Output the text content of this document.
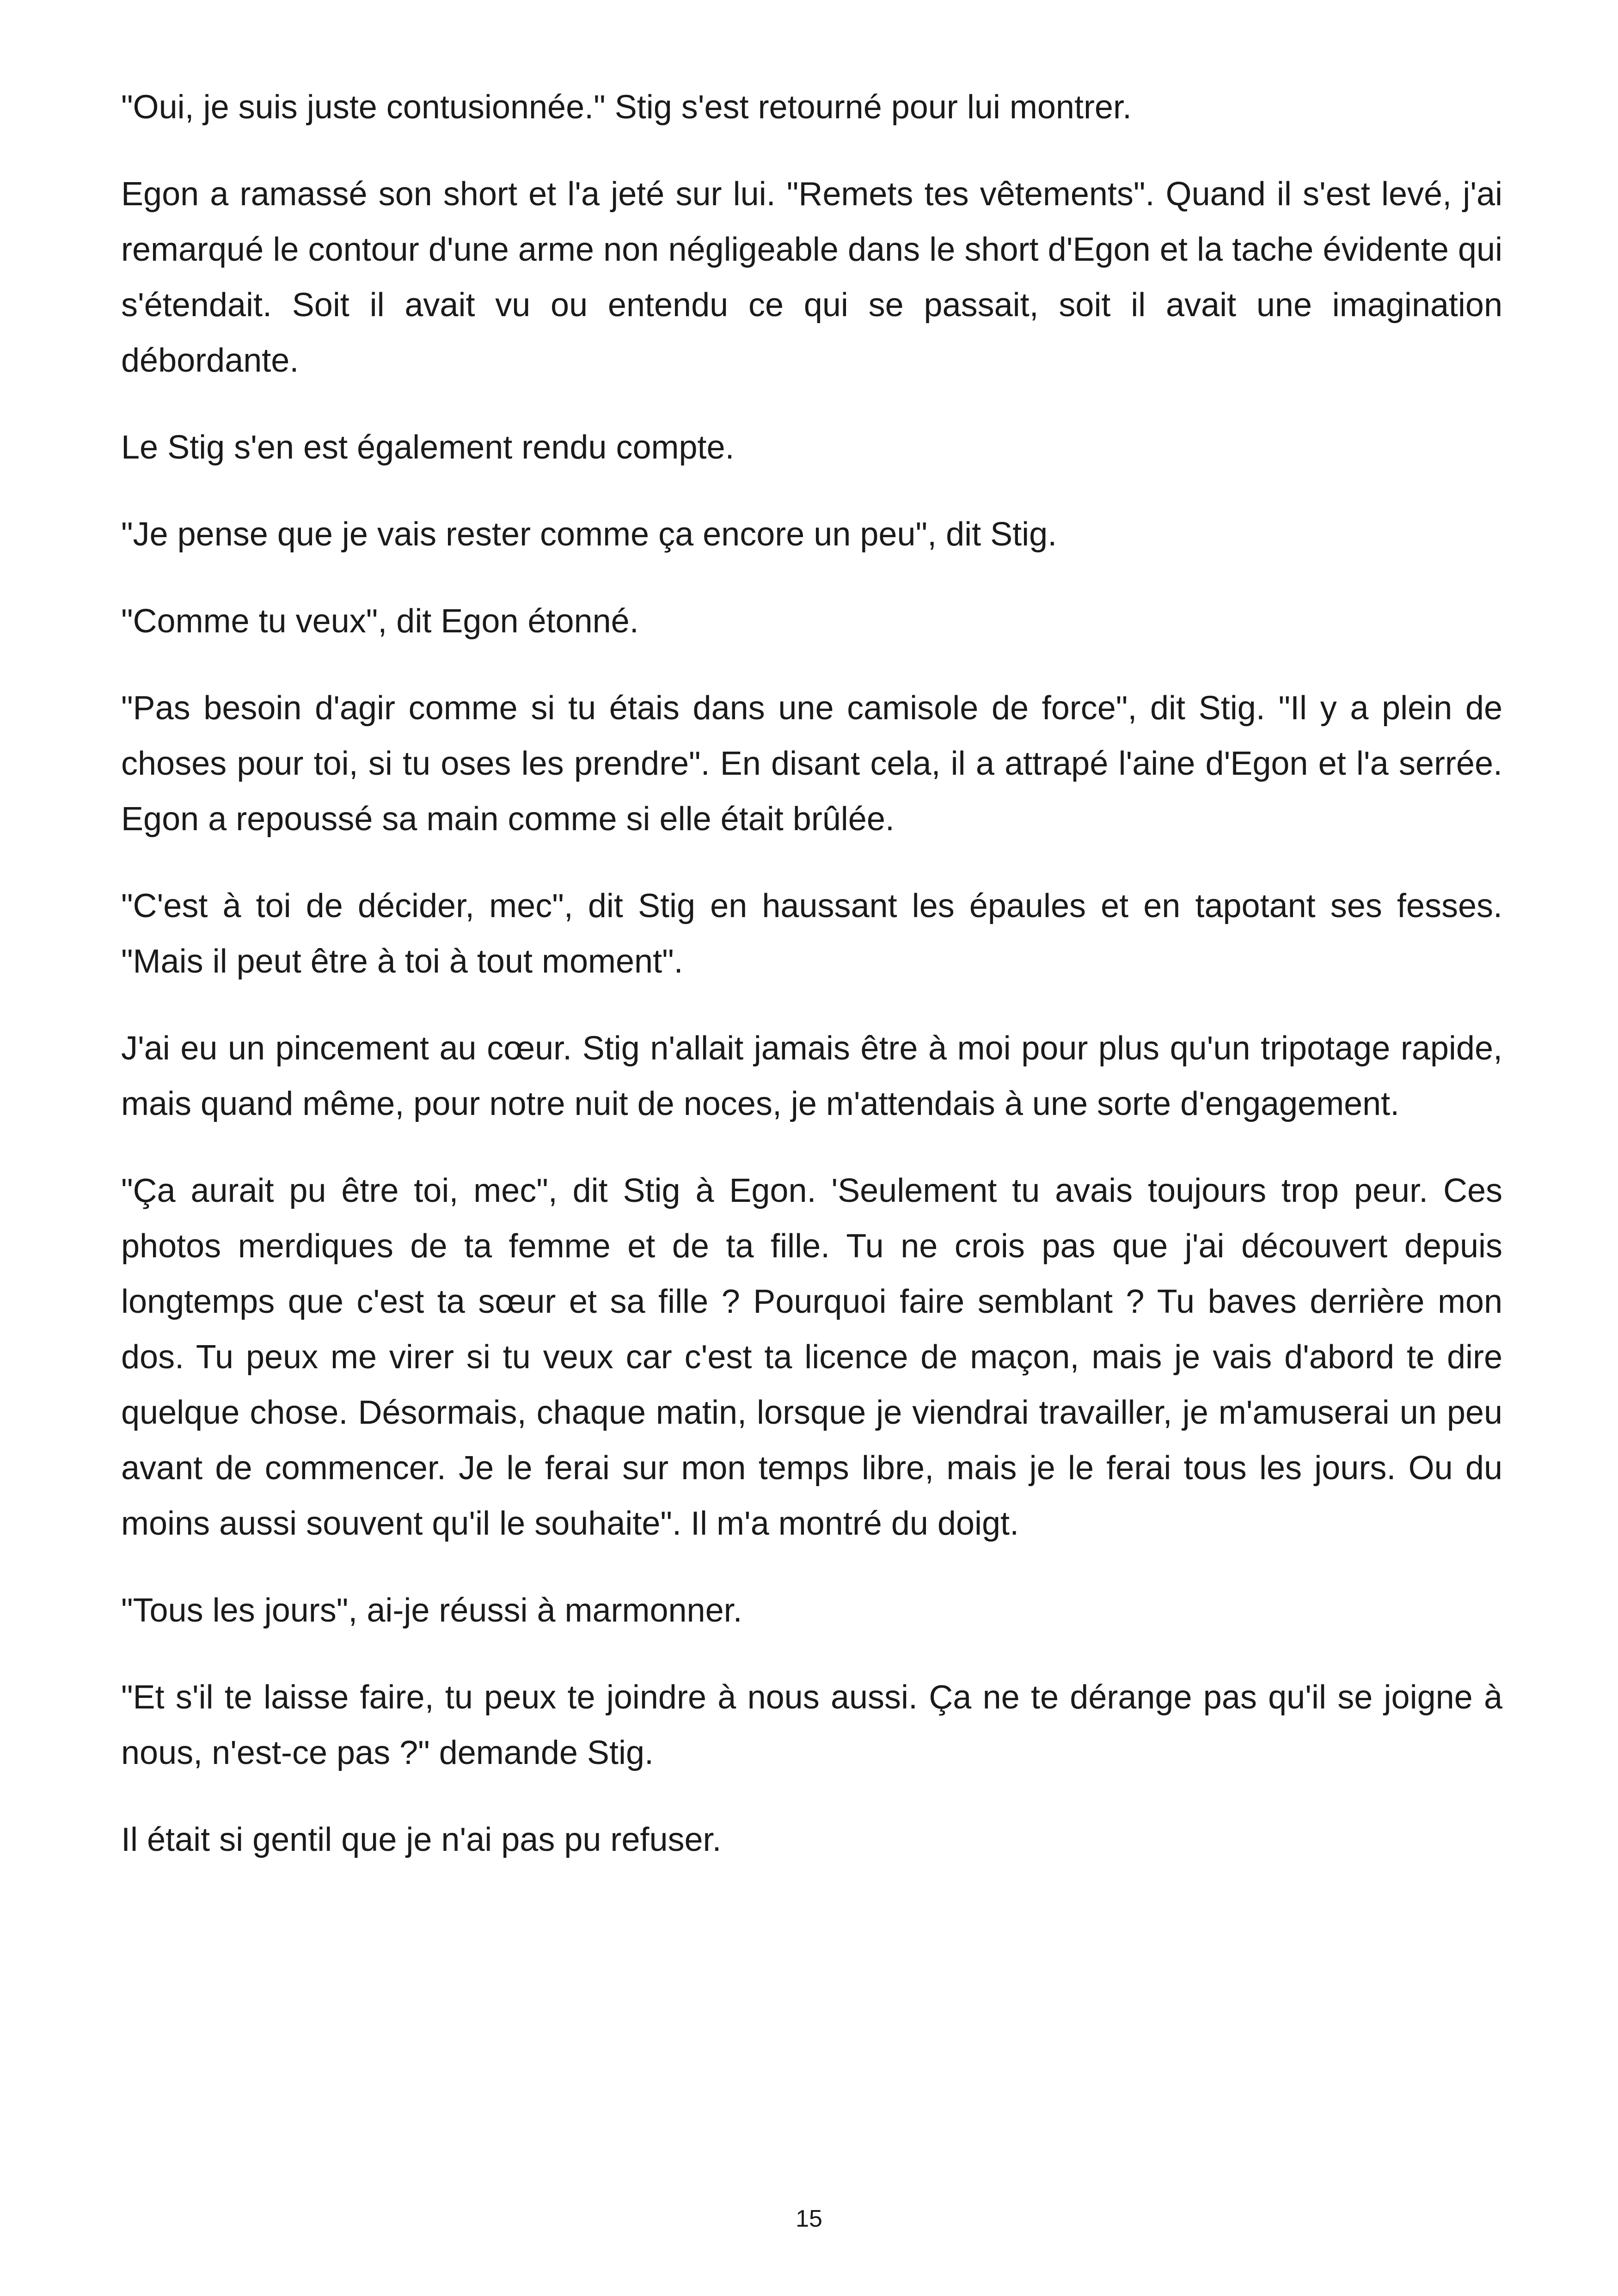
"Oui, je suis juste contusionnée." Stig s'est retourné pour lui montrer.

Egon a ramassé son short et l'a jeté sur lui. "Remets tes vêtements". Quand il s'est levé, j'ai remarqué le contour d'une arme non négligeable dans le short d'Egon et la tache évidente qui s'étendait. Soit il avait vu ou entendu ce qui se passait, soit il avait une imagination débordante.

Le Stig s'en est également rendu compte.

"Je pense que je vais rester comme ça encore un peu", dit Stig.

"Comme tu veux", dit Egon étonné.

"Pas besoin d'agir comme si tu étais dans une camisole de force", dit Stig. "Il y a plein de choses pour toi, si tu oses les prendre". En disant cela, il a attrapé l'aine d'Egon et l'a serrée. Egon a repoussé sa main comme si elle était brûlée.

"C'est à toi de décider, mec", dit Stig en haussant les épaules et en tapotant ses fesses. "Mais il peut être à toi à tout moment".

J'ai eu un pincement au cœur. Stig n'allait jamais être à moi pour plus qu'un tripotage rapide, mais quand même, pour notre nuit de noces, je m'attendais à une sorte d'engagement.

"Ça aurait pu être toi, mec", dit Stig à Egon. 'Seulement tu avais toujours trop peur. Ces photos merdiques de ta femme et de ta fille. Tu ne crois pas que j'ai découvert depuis longtemps que c'est ta sœur et sa fille ? Pourquoi faire semblant ? Tu baves derrière mon dos. Tu peux me virer si tu veux car c'est ta licence de maçon, mais je vais d'abord te dire quelque chose. Désormais, chaque matin, lorsque je viendrai travailler, je m'amuserai un peu avant de commencer. Je le ferai sur mon temps libre, mais je le ferai tous les jours. Ou du moins aussi souvent qu'il le souhaite". Il m'a montré du doigt.

"Tous les jours", ai-je réussi à marmonner.

"Et s'il te laisse faire, tu peux te joindre à nous aussi. Ça ne te dérange pas qu'il se joigne à nous, n'est-ce pas ?" demande Stig.

Il était si gentil que je n'ai pas pu refuser.

15
